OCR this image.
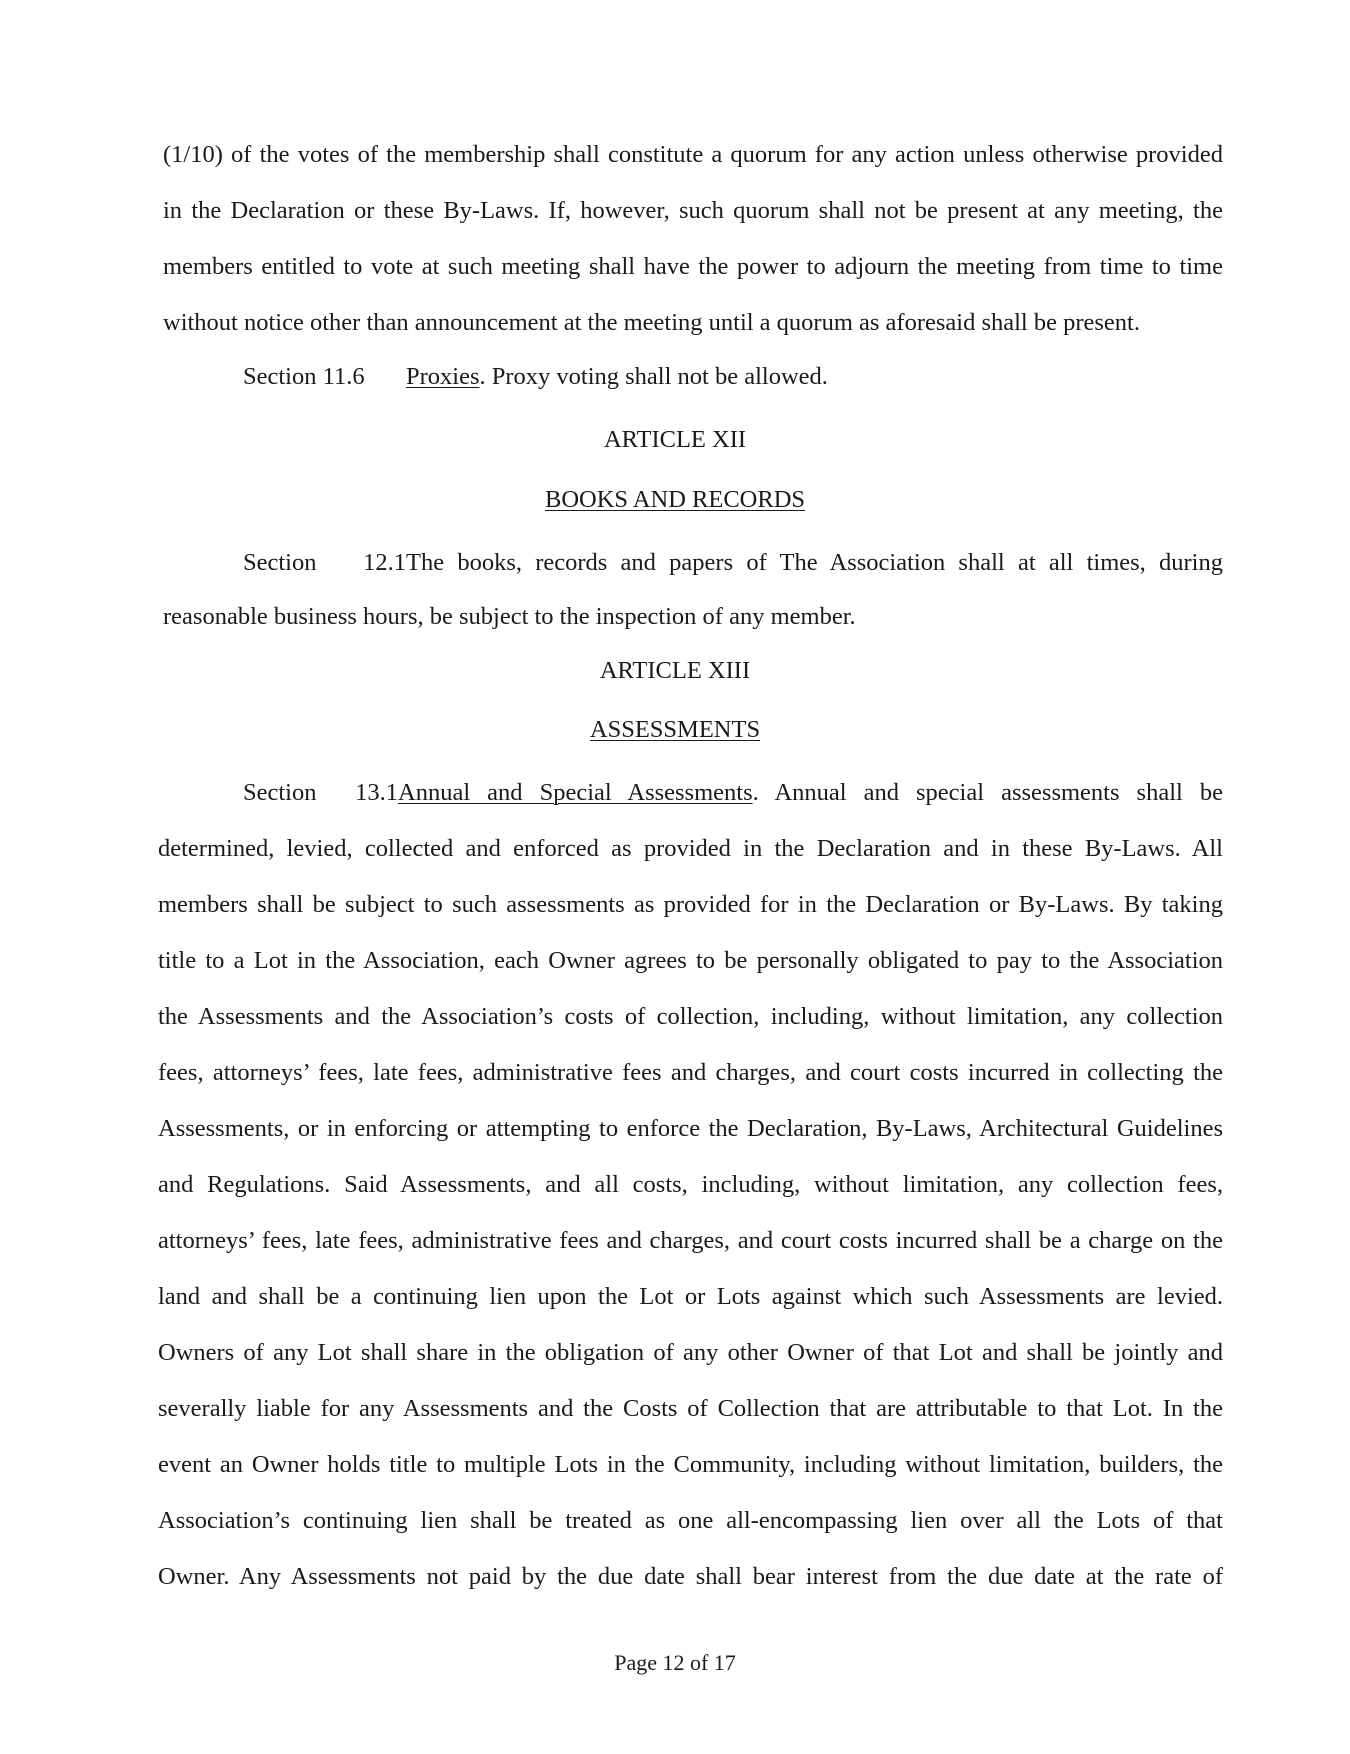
(1/10) of the votes of the membership shall constitute a quorum for any action unless otherwise provided
in the Declaration or these By-Laws. If, however, such quorum shall not be present at any meeting, the
members entitled to vote at such meeting shall have the power to adjourn the meeting from time to time
without notice other than announcement at the meeting until a quorum as aforesaid shall be present.
Section 11.6 Proxies. Proxy voting shall not be allowed.
ARTICLE XII
BOOKS AND RECORDS
Section 12.1The books, records and papers of The Association shall at all times, during
reasonable business hours, be subject to the inspection of any member.
ARTICLE XIII
ASSESSMENTS
Section 13.1Annual and Special Assessments. Annual and special assessments shall be
determined, levied, collected and enforced as provided in the Declaration and in these By-Laws. All
members shall be subject to such assessments as provided for in the Declaration or By-Laws. By taking
title to a Lot in the Association, each Owner agrees to be personally obligated to pay to the Association
the Assessments and the Association’s costs of collection, including, without limitation, any collection
fees, attorneys’ fees, late fees, administrative fees and charges, and court costs incurred in collecting the
Assessments, or in enforcing or attempting to enforce the Declaration, By-Laws, Architectural Guidelines
and Regulations. Said Assessments, and all costs, including, without limitation, any collection fees,
attorneys’ fees, late fees, administrative fees and charges, and court costs incurred shall be a charge on the
land and shall be a continuing lien upon the Lot or Lots against which such Assessments are levied.
Owners of any Lot shall share in the obligation of any other Owner of that Lot and shall be jointly and
severally liable for any Assessments and the Costs of Collection that are attributable to that Lot. In the
event an Owner holds title to multiple Lots in the Community, including without limitation, builders, the
Association’s continuing lien shall be treated as one all-encompassing lien over all the Lots of that
Owner. Any Assessments not paid by the due date shall bear interest from the due date at the rate of
Page 12 of 17
